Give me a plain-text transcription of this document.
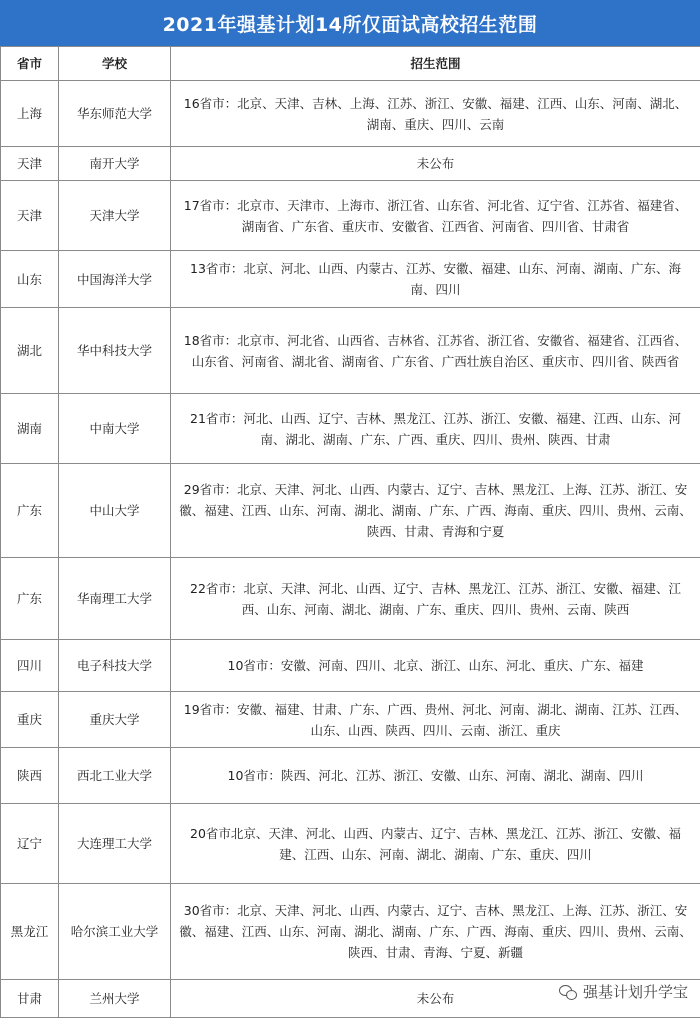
2021年强基计划14所仅面试高校招生范围
省市	学校	招生范围
上海	华东师范大学	16省市：北京、天津、吉林、上海、江苏、浙江、安徽、福建、江西、山东、河南、湖北、湖南、重庆、四川、云南
天津	南开大学	未公布
天津	天津大学	17省市：北京市、天津市、上海市、浙江省、山东省、河北省、辽宁省、江苏省、福建省、湖南省、广东省、重庆市、安徽省、江西省、河南省、四川省、甘肃省
山东	中国海洋大学	13省市：北京、河北、山西、内蒙古、江苏、安徽、福建、山东、河南、湖南、广东、海南、四川
湖北	华中科技大学	18省市：北京市、河北省、山西省、吉林省、江苏省、浙江省、安徽省、福建省、江西省、山东省、河南省、湖北省、湖南省、广东省、广西壮族自治区、重庆市、四川省、陕西省
湖南	中南大学	21省市：河北、山西、辽宁、吉林、黑龙江、江苏、浙江、安徽、福建、江西、山东、河南、湖北、湖南、广东、广西、重庆、四川、贵州、陕西、甘肃
广东	中山大学	29省市：北京、天津、河北、山西、内蒙古、辽宁、吉林、黑龙江、上海、江苏、浙江、安徽、福建、江西、山东、河南、湖北、湖南、广东、广西、海南、重庆、四川、贵州、云南、陕西、甘肃、青海和宁夏
广东	华南理工大学	22省市：北京、天津、河北、山西、辽宁、吉林、黑龙江、江苏、浙江、安徽、福建、江西、山东、河南、湖北、湖南、广东、重庆、四川、贵州、云南、陕西
四川	电子科技大学	10省市：安徽、河南、四川、北京、浙江、山东、河北、重庆、广东、福建
重庆	重庆大学	19省市：安徽、福建、甘肃、广东、广西、贵州、河北、河南、湖北、湖南、江苏、江西、山东、山西、陕西、四川、云南、浙江、重庆
陕西	西北工业大学	10省市：陕西、河北、江苏、浙江、安徽、山东、河南、湖北、湖南、四川
辽宁	大连理工大学	20省市北京、天津、河北、山西、内蒙古、辽宁、吉林、黑龙江、江苏、浙江、安徽、福建、江西、山东、河南、湖北、湖南、广东、重庆、四川
黑龙江	哈尔滨工业大学	30省市：北京、天津、河北、山西、内蒙古、辽宁、吉林、黑龙江、上海、江苏、浙江、安徽、福建、江西、山东、河南、湖北、湖南、广东、广西、海南、重庆、四川、贵州、云南、陕西、甘肃、青海、宁夏、新疆
甘肃	兰州大学	未公布	强基计划升学宝
